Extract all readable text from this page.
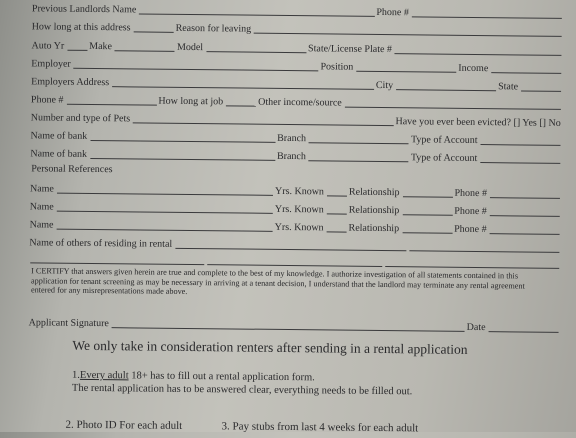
Previous Landlords Name	Phone #
How long at this address	Reason for leaving
Auto Yr Make	Model	State/License Plate #
Employer	Position	Income
Employers Address	City	State
Phone #	How long at job	Other income/source
Number and type of Pets	Have you ever been evicted? [] Yes [] No
Name of bank	Branch	Type of Account
Name of bank	Branch	Type of Account
Personal References
Name	Yrs. Known Relationship	Phone #
Name	Yrs. Known Relationship	Phone #
Name	Yrs. Known Relationship	Phone #
Name of others of residing in rental
I CERTIFY that answers given herein are true and complete to the best of my knowledge. I authorize investigation of all statements contained in this application for tenant screening as may be necessary in arriving at a tenant decision, I understand that the landlord may terminate any rental agreement entered for any misrepresentations made above.
Applicant Signature	Date
We only take in consideration renters after sending in a rental application
1.Every adult 18+ has to fill out a rental application form.
The rental application has to be answered clear, everything needs to be filled out.
2. Photo ID For each adult	3. Pay stubs from last 4 weeks for each adult
